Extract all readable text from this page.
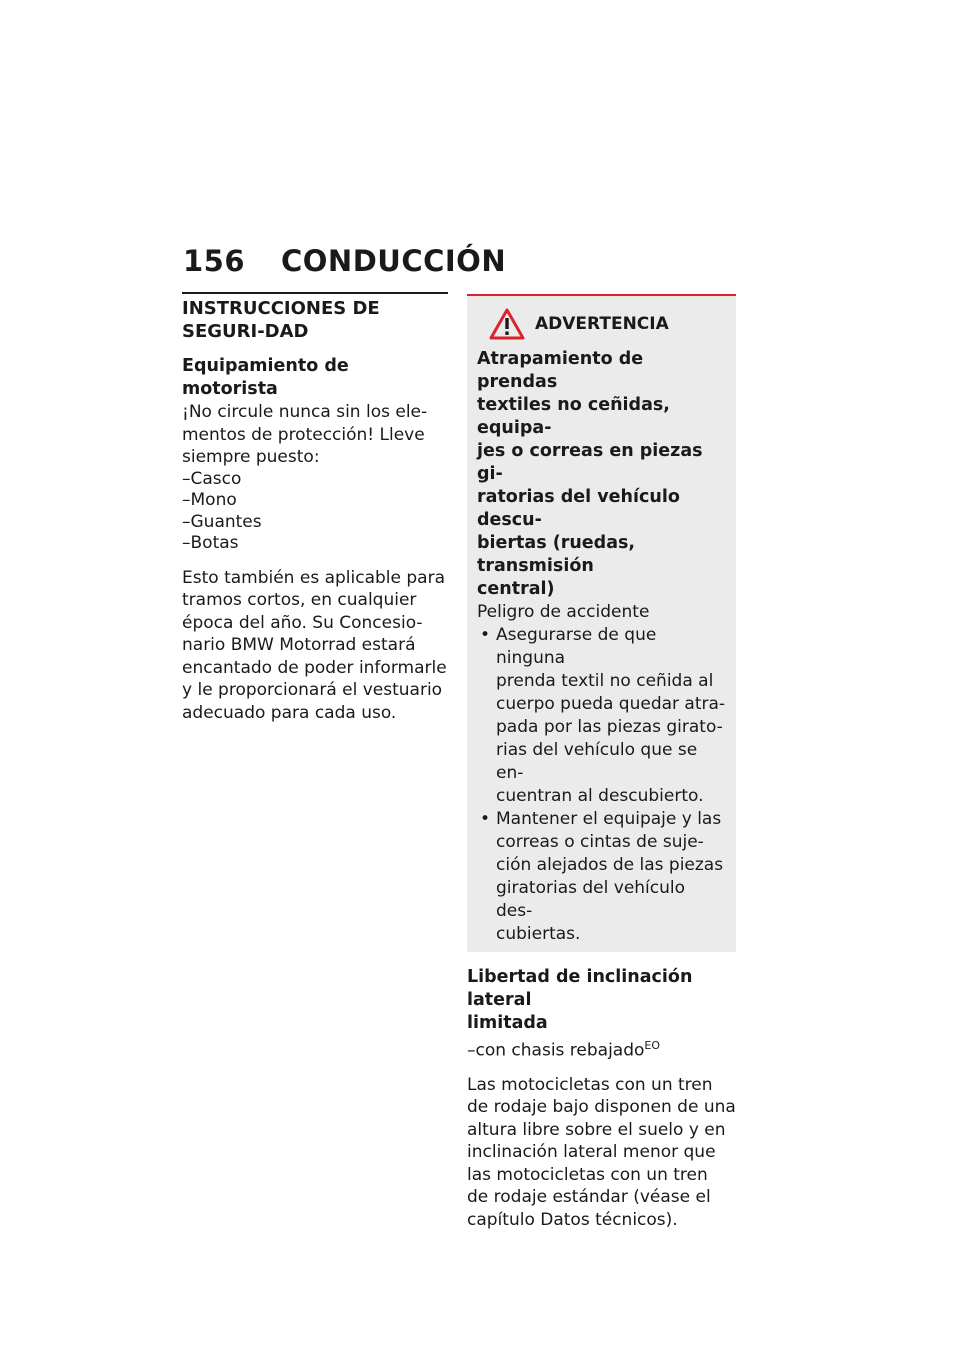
156 CONDUCCIÓN
INSTRUCCIONES DE SEGURI-DAD
Equipamiento de motorista
¡No circule nunca sin los ele-
mentos de protección! Lleve
siempre puesto:
–Casco
–Mono
–Guantes
–Botas
Esto también es aplicable para
tramos cortos, en cualquier
época del año. Su Concesio-
nario BMW Motorrad estará
encantado de poder informarle
y le proporcionará el vestuario
adecuado para cada uso.
ADVERTENCIA
Atrapamiento de prendas
textiles no ceñidas, equipa-
jes o correas en piezas gi-
ratorias del vehículo descu-
biertas (ruedas, transmisión
central)
Peligro de accidente
• Asegurarse de que ninguna
prenda textil no ceñida al
cuerpo pueda quedar atra-
pada por las piezas girato-
rias del vehículo que se en-
cuentran al descubierto.
• Mantener el equipaje y las
correas o cintas de suje-
ción alejados de las piezas
giratorias del vehículo des-
cubiertas.
Libertad de inclinación lateral
limitada
–con chasis rebajado$^{EO}$
Las motocicletas con un tren
de rodaje bajo disponen de una
altura libre sobre el suelo y en
inclinación lateral menor que
las motocicletas con un tren
de rodaje estándar (véase el
capítulo Datos técnicos).
